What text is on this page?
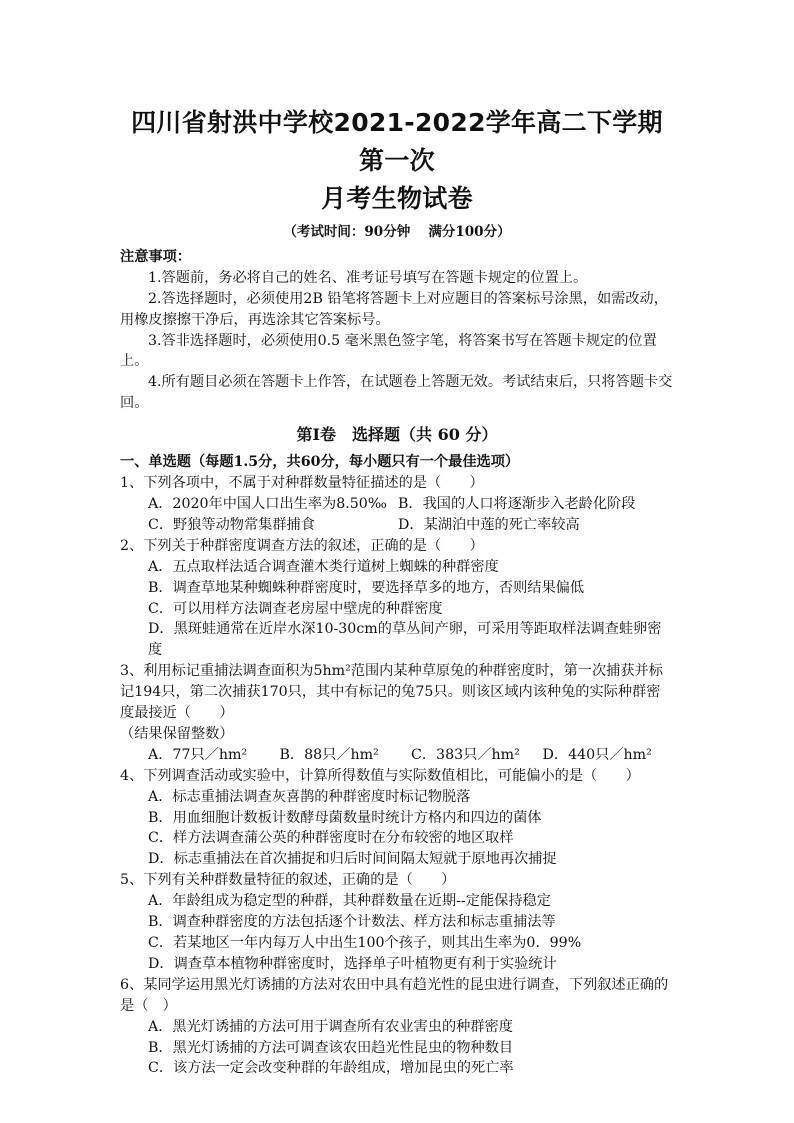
四川省射洪中学校2021-2022学年高二下学期第一次
月考生物试卷
（考试时间：90分钟　 满分100分）

注意事项：

1.答题前，务必将自己的姓名、准考证号填写在答题卡规定的位置上。

2.答选择题时，必须使用2B 铅笔将答题卡上对应题目的答案标号涂黑，如需改动，用橡皮擦擦干净后，再选涂其它答案标号。

3.答非选择题时，必须使用0.5 毫米黑色签字笔，将答案书写在答题卡规定的位置上。

4.所有题目必须在答题卡上作答，在试题卷上答题无效。考试结束后，只将答题卡交回。

第Ⅰ卷　选择题（共 60 分）

一、单选题（每题1.5分，共60分，每小题只有一个最佳选项）

1、下列各项中，不属于对种群数量特征描述的是（　　）

A．2020年中国人口出生率为8.50‰ B．我国的人口将逐渐步入老龄化阶段
C．野狼等动物常集群捕食	D．某湖泊中莲的死亡率较高

2、下列关于种群密度调查方法的叙述，正确的是（　　）

A．五点取样法适合调查灌木类行道树上蜘蛛的种群密度

B．调查草地某种蜘蛛种群密度时，要选择草多的地方，否则结果偏低

C．可以用样方法调查老房屋中壁虎的种群密度

D．黑斑蛙通常在近岸水深10-30cm的草丛间产卵，可采用等距取样法调查蛙卵密度

3、利用标记重捕法调查面积为5hm²范围内某种草原兔的种群密度时，第一次捕获并标记194只，第二次捕获170只，其中有标记的兔75只。则该区域内该种兔的实际种群密度最接近（　　）

（结果保留整数）

A．77只／hm²	B．88只／hm²	C．383只／hm²	D．440只／hm²

4、下列调查活动或实验中，计算所得数值与实际数值相比，可能偏小的是（　　）

A．标志重捕法调查灰喜鹊的种群密度时标记物脱落

B．用血细胞计数板计数酵母菌数量时统计方格内和四边的菌体

C．样方法调查蒲公英的种群密度时在分布较密的地区取样

D．标志重捕法在首次捕捉和归后时间间隔太短就于原地再次捕捉

5、下列有关种群数量特征的叙述，正确的是（　　）

A．年龄组成为稳定型的种群，其种群数量在近期--定能保持稳定

B．调查种群密度的方法包括逐个计数法、样方法和标志重捕法等

C．若某地区一年内每万人中出生100个孩子，则其出生率为0．99%

D．调查草本植物种群密度时，选择单子叶植物更有利于实验统计

6、某同学运用黑光灯诱捕的方法对农田中具有趋光性的昆虫进行调查，下列叙述正确的是（　）

A．黑光灯诱捕的方法可用于调查所有农业害虫的种群密度

B．黑光灯诱捕的方法可调查该农田趋光性昆虫的物种数目

C．该方法一定会改变种群的年龄组成，增加昆虫的死亡率
